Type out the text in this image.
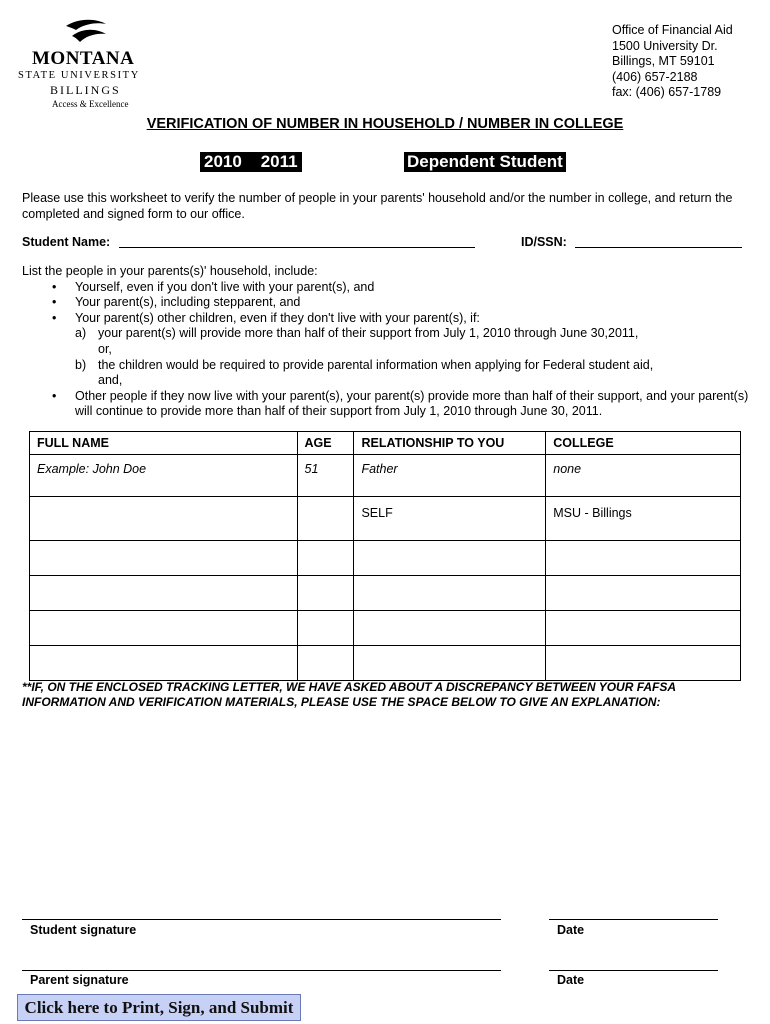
MONTANA
STATE UNIVERSITY
BILLINGS
Access & Excellence
Office of Financial Aid
1500 University Dr.
Billings, MT 59101
(406) 657-2188
fax: (406) 657-1789
VERIFICATION OF NUMBER IN HOUSEHOLD / NUMBER IN COLLEGE
2010    2011	Dependent Student
Please use this worksheet to verify the number of people in your parents' household and/or the number in college, and return the completed and signed form to our office.
Student Name:	ID/SSN:
List the people in your parents(s)' household, include:
• Yourself, even if you don't live with your parent(s), and
• Your parent(s), including stepparent, and
• Your parent(s) other children, even if they don't live with your parent(s), if:
a) your parent(s) will provide more than half of their support from July 1, 2010 through June 30,2011,
or,
b) the children would be required to provide parental information when applying for Federal student aid,
and,
• Other people if they now live with your parent(s), your parent(s) provide more than half of their support, and your parent(s) will continue to provide more than half of their support from July 1, 2010 through June 30, 2011.
FULL NAME	AGE	RELATIONSHIP TO YOU	COLLEGE
Example: John Doe	51	Father	none
		SELF	MSU - Billings

**IF, ON THE ENCLOSED TRACKING LETTER, WE HAVE ASKED ABOUT A DISCREPANCY BETWEEN YOUR FAFSA INFORMATION AND VERIFICATION MATERIALS, PLEASE USE THE SPACE BELOW TO GIVE AN EXPLANATION:
Student signature	Date
Parent signature	Date
Click here to Print, Sign, and Submit
